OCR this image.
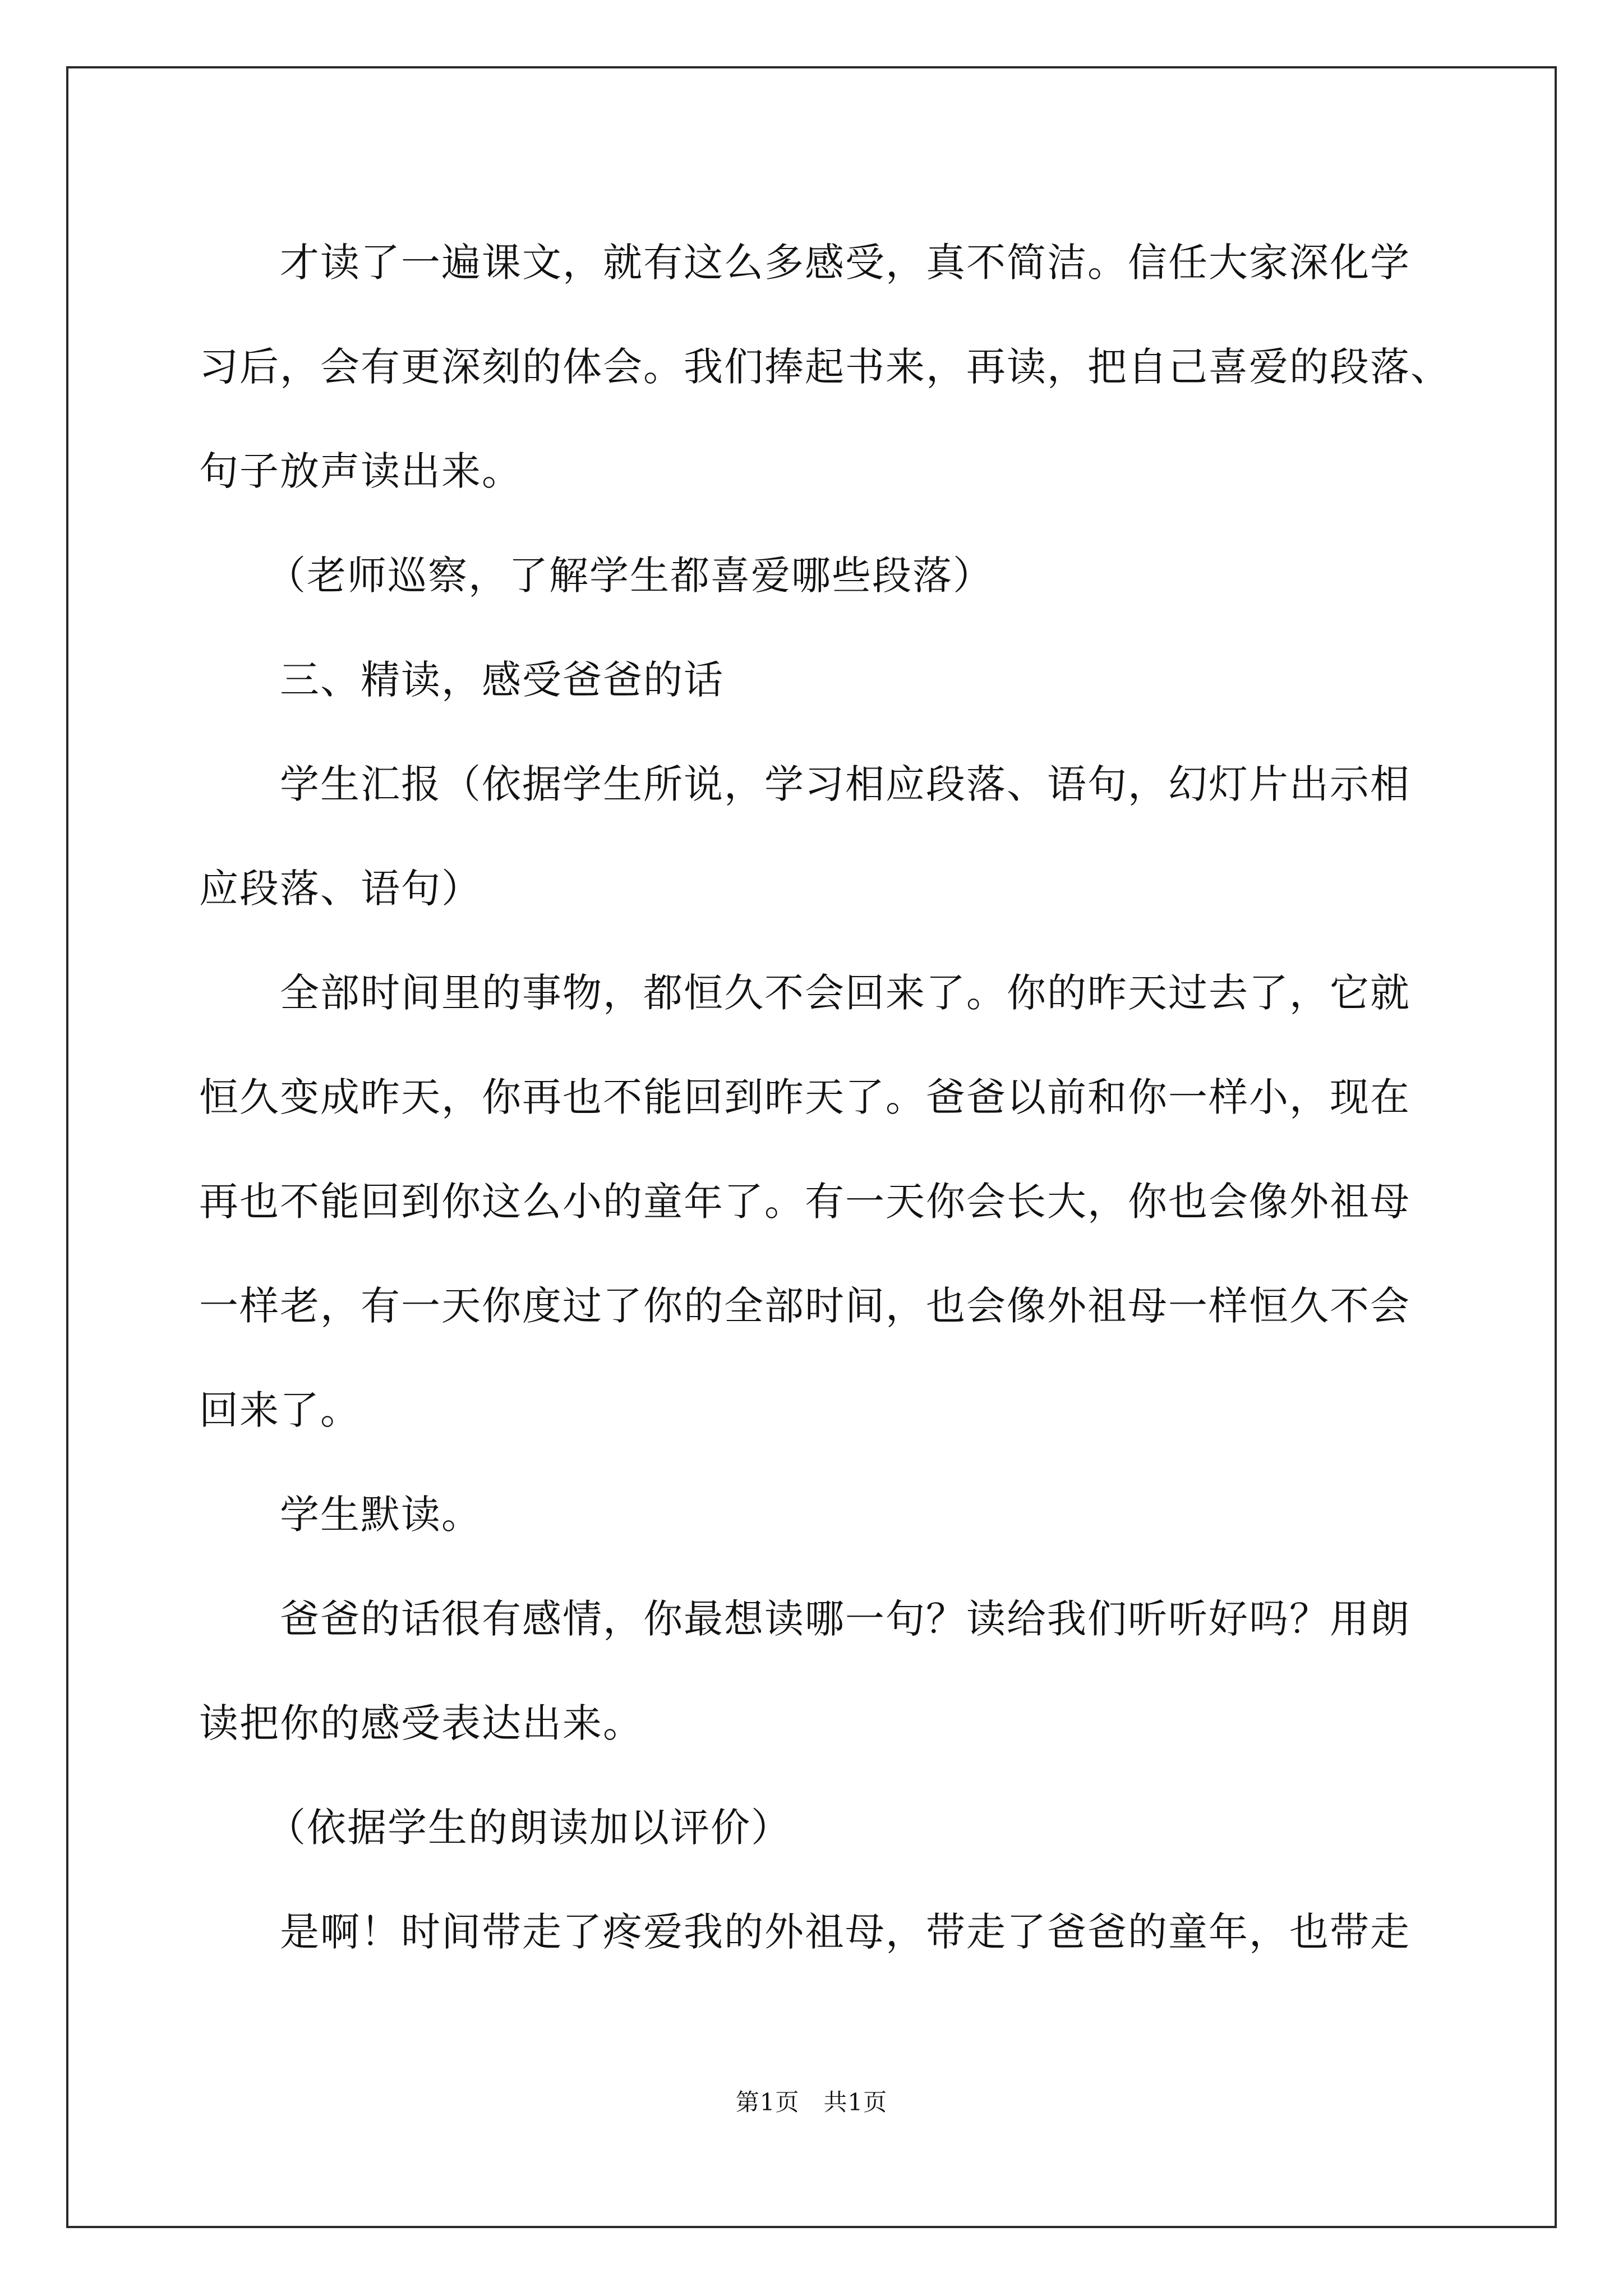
才读了一遍课文，就有这么多感受，真不简洁。信任大家深化学

习后，会有更深刻的体会。我们捧起书来，再读，把自己喜爱的段落、

句子放声读出来。

（老师巡察，了解学生都喜爱哪些段落）

三、精读，感受爸爸的话

学生汇报（依据学生所说，学习相应段落、语句，幻灯片出示相

应段落、语句）

全部时间里的事物，都恒久不会回来了。你的昨天过去了，它就

恒久变成昨天，你再也不能回到昨天了。爸爸以前和你一样小，现在

再也不能回到你这么小的童年了。有一天你会长大，你也会像外祖母

一样老，有一天你度过了你的全部时间，也会像外祖母一样恒久不会

回来了。

学生默读。

爸爸的话很有感情，你最想读哪一句？读给我们听听好吗？用朗

读把你的感受表达出来。

（依据学生的朗读加以评价）

是啊！时间带走了疼爱我的外祖母，带走了爸爸的童年，也带走

第1页　共1页
